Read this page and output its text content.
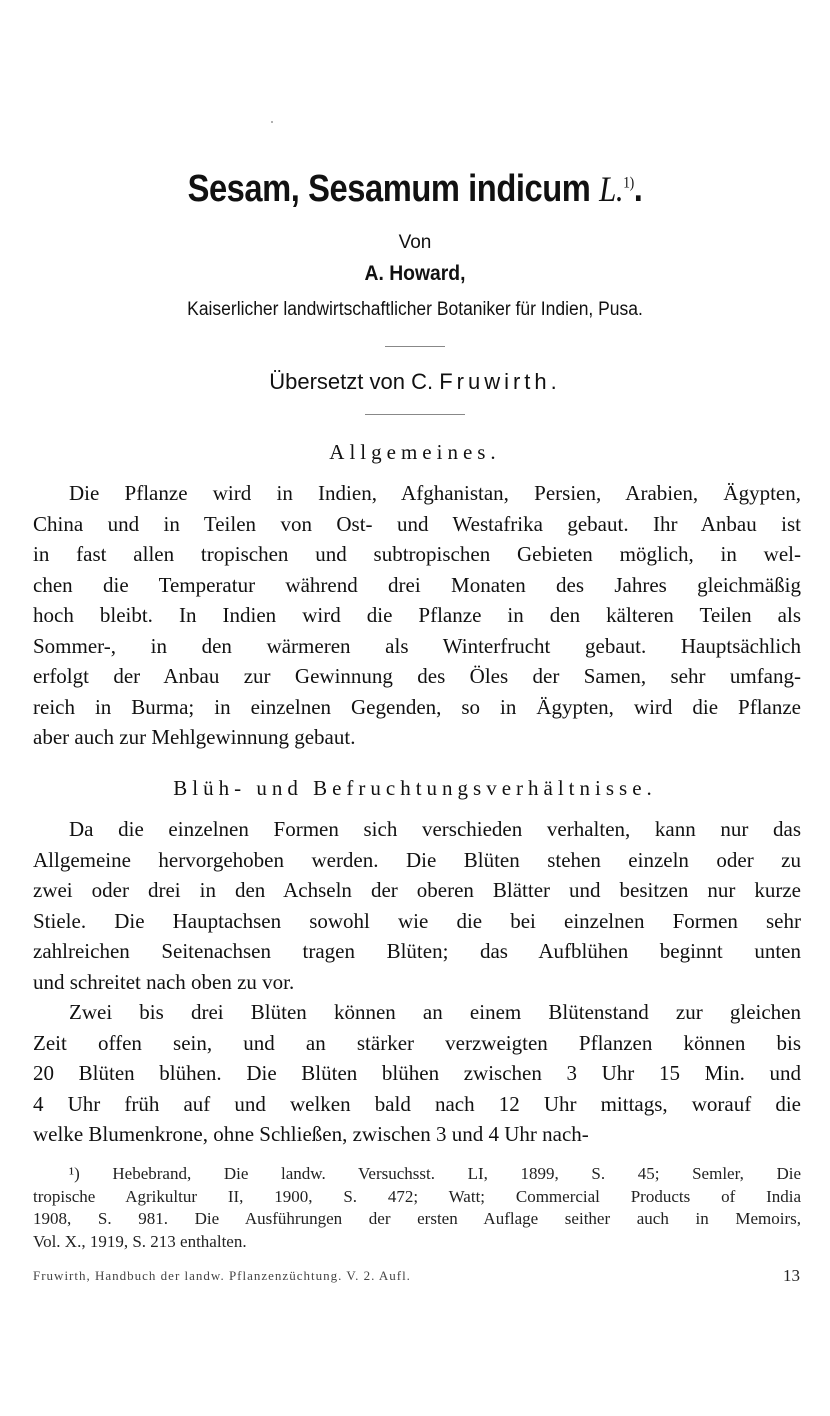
Sesam, Sesamum indicum L.$^{1)}$.
Von
A. Howard,
Kaiserlicher landwirtschaftlicher Botaniker für Indien, Pusa.
Übersetzt von C. Fruwirth.
Allgemeines.
Die Pflanze wird in Indien, Afghanistan, Persien, Arabien, Ägypten,
China und in Teilen von Ost- und Westafrika gebaut. Ihr Anbau ist
in fast allen tropischen und subtropischen Gebieten möglich, in wel-
chen die Temperatur während drei Monaten des Jahres gleichmäßig
hoch bleibt. In Indien wird die Pflanze in den kälteren Teilen als
Sommer-, in den wärmeren als Winterfrucht gebaut. Hauptsächlich
erfolgt der Anbau zur Gewinnung des Öles der Samen, sehr umfang-
reich in Burma; in einzelnen Gegenden, so in Ägypten, wird die Pflanze
aber auch zur Mehlgewinnung gebaut.
Blüh- und Befruchtungsverhältnisse.
Da die einzelnen Formen sich verschieden verhalten, kann nur das
Allgemeine hervorgehoben werden. Die Blüten stehen einzeln oder zu
zwei oder drei in den Achseln der oberen Blätter und besitzen nur kurze
Stiele. Die Hauptachsen sowohl wie die bei einzelnen Formen sehr
zahlreichen Seitenachsen tragen Blüten; das Aufblühen beginnt unten
und schreitet nach oben zu vor.
Zwei bis drei Blüten können an einem Blütenstand zur gleichen
Zeit offen sein, und an stärker verzweigten Pflanzen können bis
20 Blüten blühen. Die Blüten blühen zwischen 3 Uhr 15 Min. und
4 Uhr früh auf und welken bald nach 12 Uhr mittags, worauf die
welke Blumenkrone, ohne Schließen, zwischen 3 und 4 Uhr nach-
¹) Hebebrand, Die landw. Versuchsst. LI, 1899, S. 45; Semler, Die
tropische Agrikultur II, 1900, S. 472; Watt; Commercial Products of India
1908, S. 981. Die Ausführungen der ersten Auflage seither auch in Memoirs,
Vol. X., 1919, S. 213 enthalten.
Fruwirth, Handbuch der landw. Pflanzenzüchtung. V. 2. Aufl.	13
